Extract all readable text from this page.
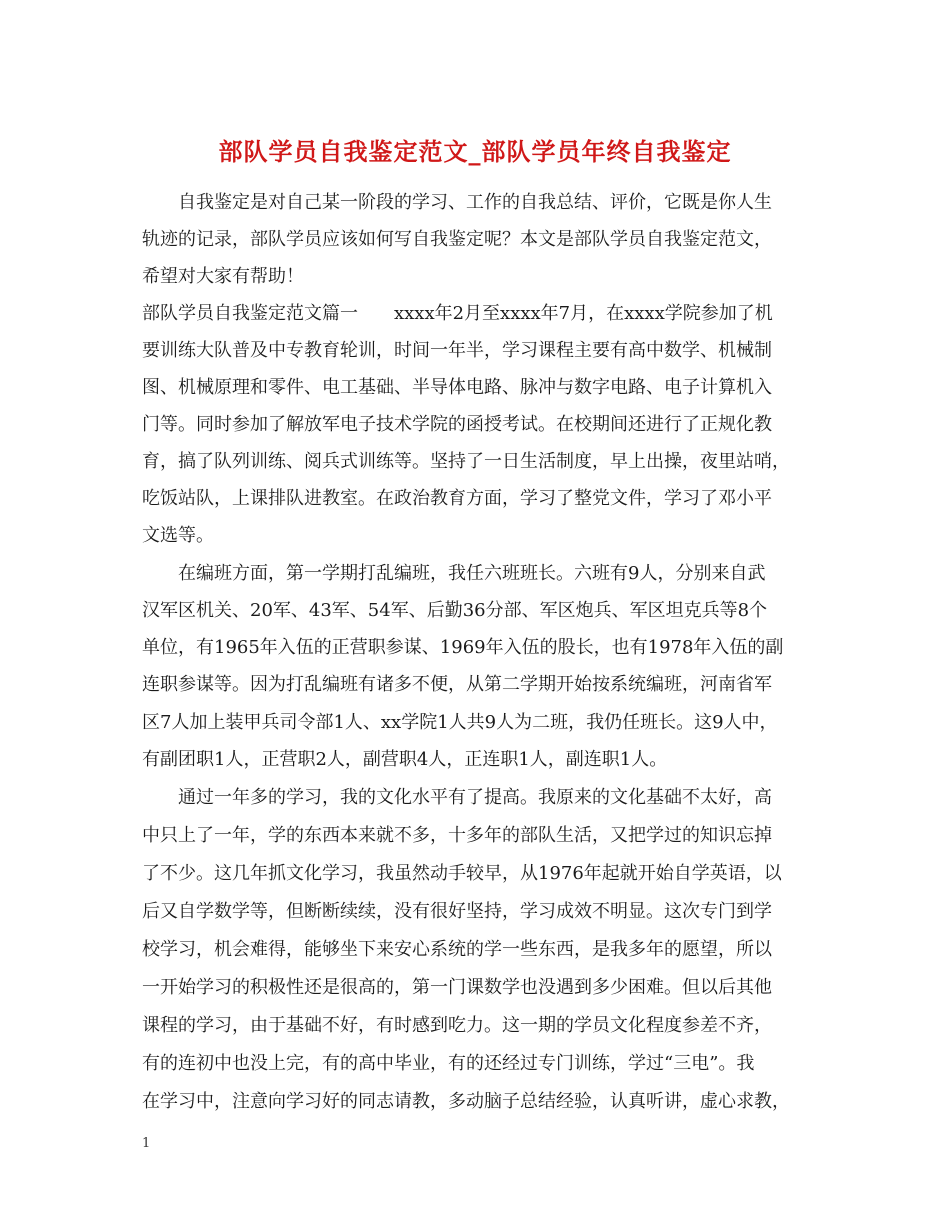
部队学员自我鉴定范文_部队学员年终自我鉴定
　　自我鉴定是对自己某一阶段的学习、工作的自我总结、评价，它既是你人生
轨迹的记录，部队学员应该如何写自我鉴定呢？本文是部队学员自我鉴定范文，
希望对大家有帮助！
部队学员自我鉴定范文篇一　　xxxx年2月至xxxx年7月，在xxxx学院参加了机
要训练大队普及中专教育轮训，时间一年半，学习课程主要有高中数学、机械制
图、机械原理和零件、电工基础、半导体电路、脉冲与数字电路、电子计算机入
门等。同时参加了解放军电子技术学院的函授考试。在校期间还进行了正规化教
育，搞了队列训练、阅兵式训练等。坚持了一日生活制度，早上出操，夜里站哨，
吃饭站队，上课排队进教室。在政治教育方面，学习了整党文件，学习了邓小平
文选等。
　　在编班方面，第一学期打乱编班，我任六班班长。六班有9人，分别来自武
汉军区机关、20军、43军、54军、后勤36分部、军区炮兵、军区坦克兵等8个
单位，有1965年入伍的正营职参谋、1969年入伍的股长，也有1978年入伍的副
连职参谋等。因为打乱编班有诸多不便，从第二学期开始按系统编班，河南省军
区7人加上装甲兵司令部1人、xx学院1人共9人为二班，我仍任班长。这9人中，
有副团职1人，正营职2人，副营职4人，正连职1人，副连职1人。
　　通过一年多的学习，我的文化水平有了提高。我原来的文化基础不太好，高
中只上了一年，学的东西本来就不多，十多年的部队生活，又把学过的知识忘掉
了不少。这几年抓文化学习，我虽然动手较早，从1976年起就开始自学英语，以
后又自学数学等，但断断续续，没有很好坚持，学习成效不明显。这次专门到学
校学习，机会难得，能够坐下来安心系统的学一些东西，是我多年的愿望，所以
一开始学习的积极性还是很高的，第一门课数学也没遇到多少困难。但以后其他
课程的学习，由于基础不好，有时感到吃力。这一期的学员文化程度参差不齐，
有的连初中也没上完，有的高中毕业，有的还经过专门训练，学过“三电”。我
在学习中，注意向学习好的同志请教，多动脑子总结经验，认真听讲，虚心求教，
1
